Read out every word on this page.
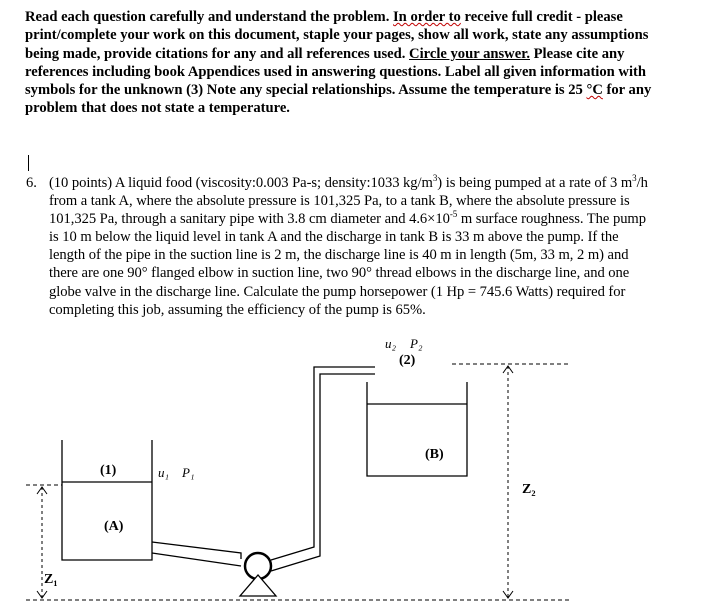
Read each question carefully and understand the problem. In order to receive full credit - please print/complete your work on this document, staple your pages, show all work, state any assumptions being made, provide citations for any and all references used. Circle your answer. Please cite any references including book Appendices used in answering questions. Label all given information with symbols for the unknown (3) Note any special relationships. Assume the temperature is 25 °C for any problem that does not state a temperature.
6. (10 points) A liquid food (viscosity:0.003 Pa-s; density:1033 $kg/m^3$) is being pumped at a rate of 3 $m^3/h$ from a tank A, where the absolute pressure is 101,325 Pa, to a tank B, where the absolute pressure is 101,325 Pa, through a sanitary pipe with 3.8 cm diameter and $4.6\times 10^{-5}$ m surface roughness. The pump is 10 m below the liquid level in tank A and the discharge in tank B is 33 m above the pump. If the length of the pipe in the suction line is 2 m, the discharge line is 40 m in length (5m, 33 m, 2 m) and there are one 90° flanged elbow in suction line, two 90° thread elbows in the discharge line, and one globe valve in the discharge line. Calculate the pump horsepower (1 Hp = 745.6 Watts) required for completing this job, assuming the efficiency of the pump is 65%.
(1)	u₁ P₁
(A)
Z₁
u₂ P₂
(2)
(B)
Z₂
